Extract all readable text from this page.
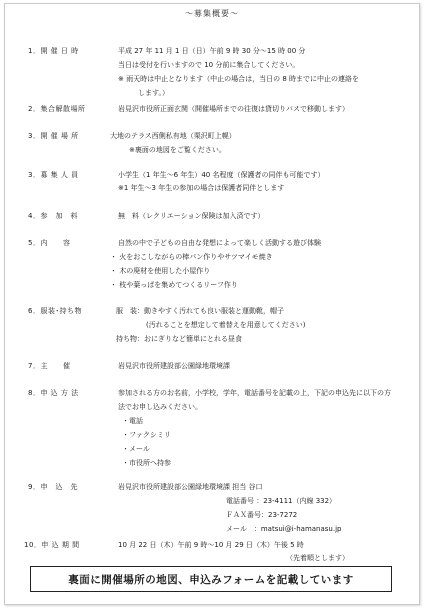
～募集概要～
1．開 催 日 時	平成 27 年 11 月 1 日（日）午前 9 時 30 分～15 時 00 分
当日は受付を行いますので 10 分前に集合してください。
※ 雨天時は中止となります（中止の場合は，当日の 8 時までに中止の連絡を
します。）
2．集合解散場所	岩見沢市役所正面玄関（開催場所までの往復は貸切りバスで移動します）
3．開 催 場 所	大地のテラス西側私有地（栗沢町上幌）
※裏面の地図をご覧ください。
3．募 集 人 員	小学生（1 年生～6 年生）40 名程度（保護者の同伴も可能です）
※1 年生～3 年生の参加の場合は保護者同伴とします
4．参　加　料	無　料（レクリエーション保険は加入済です）
5．内　　容	自然の中で子どもの自由な発想によって楽しく活動する遊び体験
・ 火をおこしながらの棒パン作りやサツマイモ焼き
・ 木の廃材を使用した小屋作り
・ 枝や葉っぱを集めてつくるリーフ作り
6．服装･持ち物	服　装：動きやすく汚れても良い服装と運動靴，帽子
(汚れることを想定して着替えを用意してください)
持ち物：おにぎりなど簡単にとれる昼食
7．主　　催	岩見沢市役所建設部公園緑地環境課
8．申 込 方 法	参加される方のお名前，小学校，学年，電話番号を記載の上，下記の申込先に以下の方
法でお申し込みください。
・電話
・ファクシミリ
・メール
・市役所へ持参
9．申　込　先	岩見沢市役所建設部公園緑地環境課 担当 谷口
電話番号 ：23-4111（内線 332）
ＦＡＸ番号：23-7272
メール　：matsui@i-hamanasu.jp
10．申 込 期 間	10 月 22 日（木）午前 9 時～10 月 29 日（木）午後 5 時
（先着順とします）
裏面に開催場所の地図、申込みフォームを記載しています
